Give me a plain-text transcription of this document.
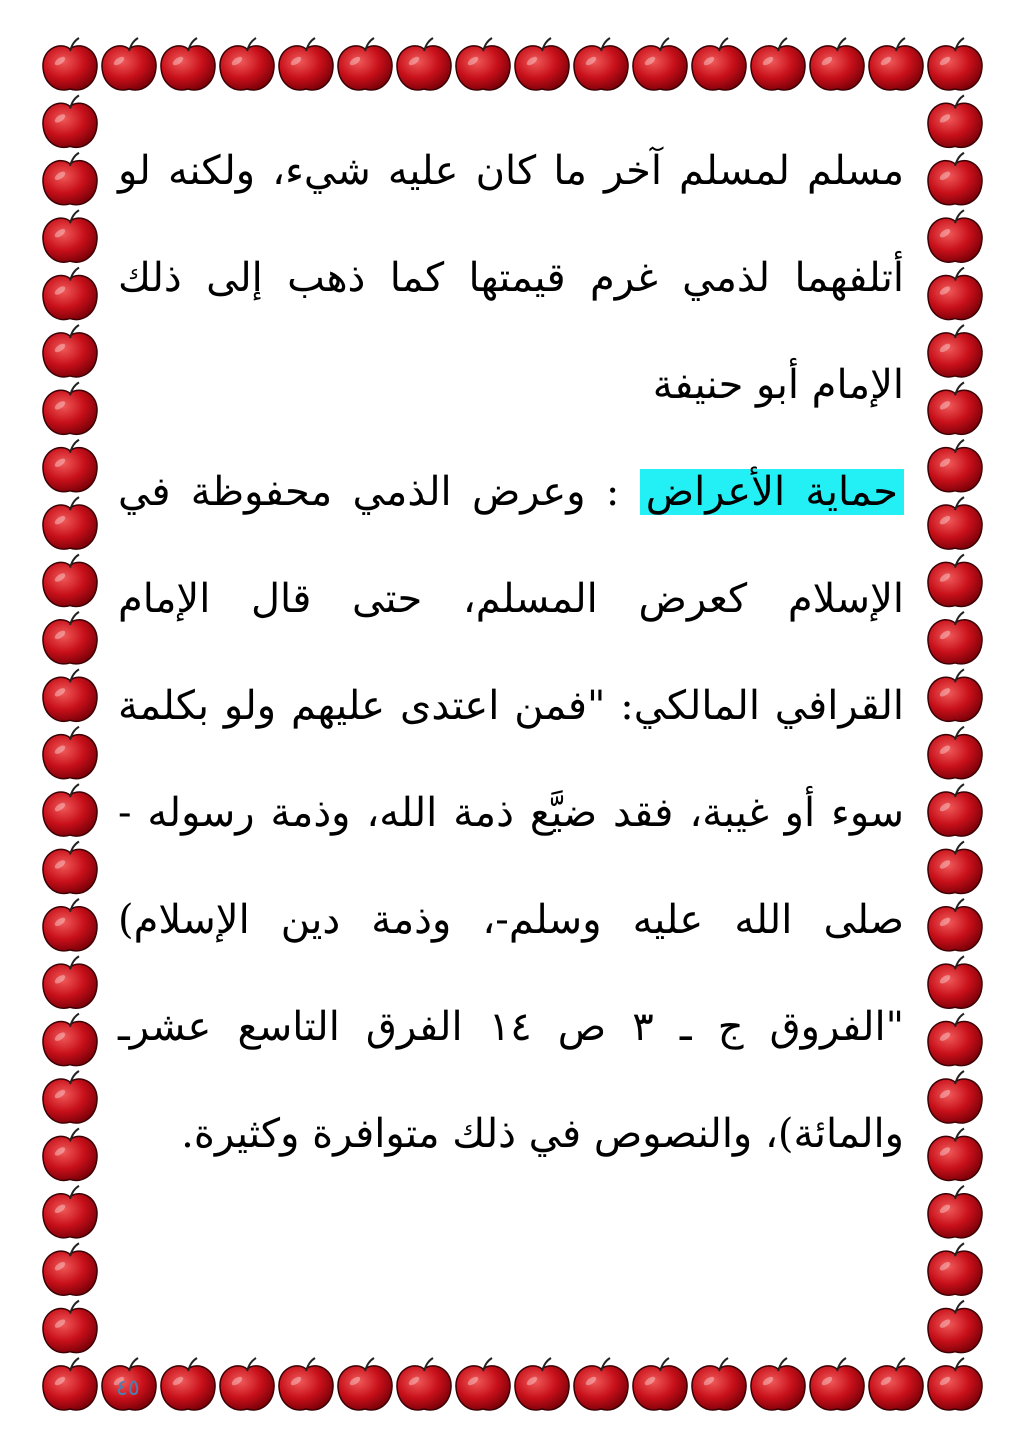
مسلم لمسلم آخر ما كان عليه شيء، ولكنه لو أتلفهما لذمي غرم قيمتها كما ذهب إلى ذلك الإمام أبو حنيفة

حماية الأعراض : وعرض الذمي محفوظة في الإسلام كعرض المسلم، حتى قال الإمام القرافي المالكي: "فمن اعتدى عليهم ولو بكلمة سوء أو غيبة، فقد ضيَّع ذمة الله، وذمة رسوله - صلى الله عليه وسلم-، وذمة دين الإسلام) "الفروق ج ـ ٣ ص ١٤ الفرق التاسع عشرـ والمائة)، والنصوص في ذلك متوافرة وكثيرة.

٤٥
